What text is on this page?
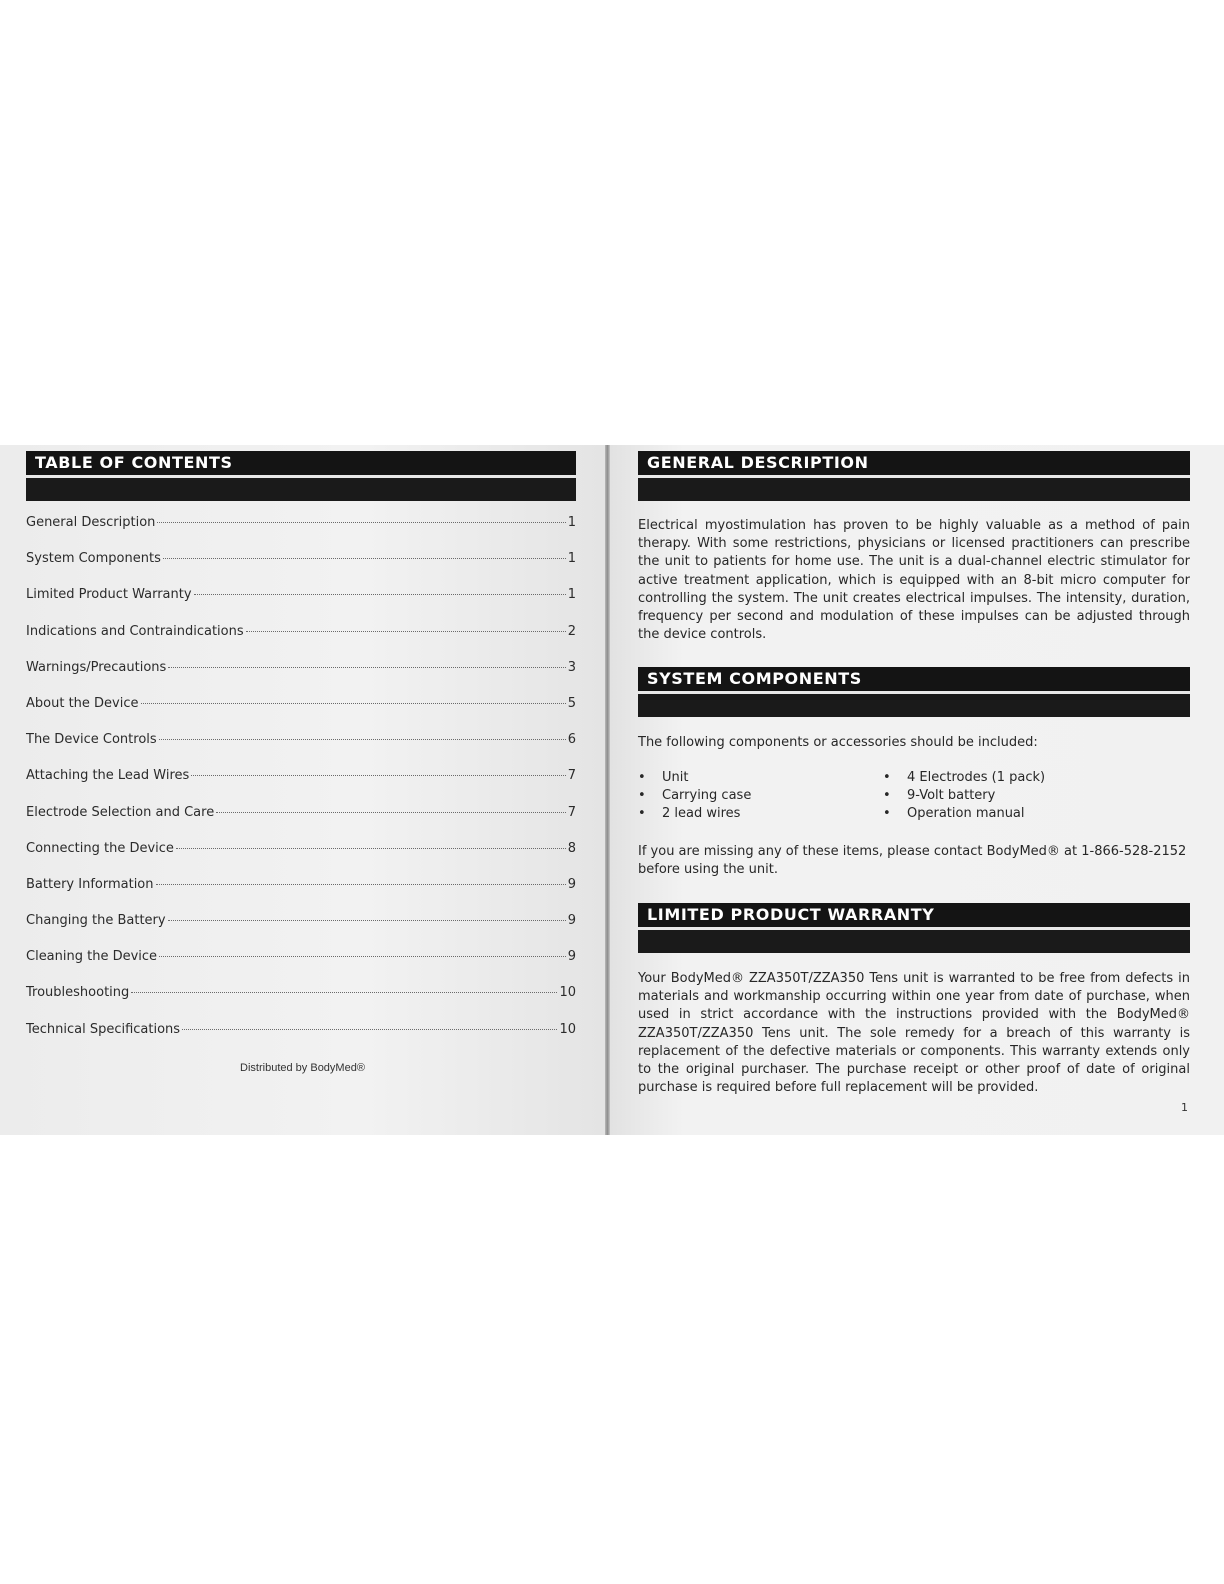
TABLE OF CONTENTS
General Description	1
System Components	1
Limited Product Warranty	1
Indications and Contraindications	2
Warnings/Precautions	3
About the Device	5
The Device Controls	6
Attaching the Lead Wires	7
Electrode Selection and Care	7
Connecting the Device	8
Battery Information	9
Changing the Battery	9
Cleaning the Device	9
Troubleshooting	10
Technical Specifications	10
Distributed by BodyMed®
GENERAL DESCRIPTION

Electrical myostimulation has proven to be highly valuable as a method of pain therapy. With some restrictions, physicians or licensed practitioners can prescribe the unit to patients for home use. The unit is a dual-channel electric stimulator for active treatment application, which is equipped with an 8-bit micro computer for controlling the system. The unit creates electrical impulses. The intensity, duration, frequency per second and modulation of these impulses can be adjusted through the device controls.

SYSTEM COMPONENTS

The following components or accessories should be included:

•	Unit	•	4 Electrodes (1 pack)
•	Carrying case	•	9-Volt battery
•	2 lead wires	•	Operation manual

If you are missing any of these items, please contact BodyMed® at 1-866-528-2152 before using the unit.

LIMITED PRODUCT WARRANTY

Your BodyMed® ZZA350T/ZZA350 Tens unit is warranted to be free from defects in materials and workmanship occurring within one year from date of purchase, when used in strict accordance with the instructions provided with the BodyMed® ZZA350T/ZZA350 Tens unit. The sole remedy for a breach of this warranty is replacement of the defective materials or components. This warranty extends only to the original purchaser. The purchase receipt or other proof of date of original purchase is required before full replacement will be provided.

1
